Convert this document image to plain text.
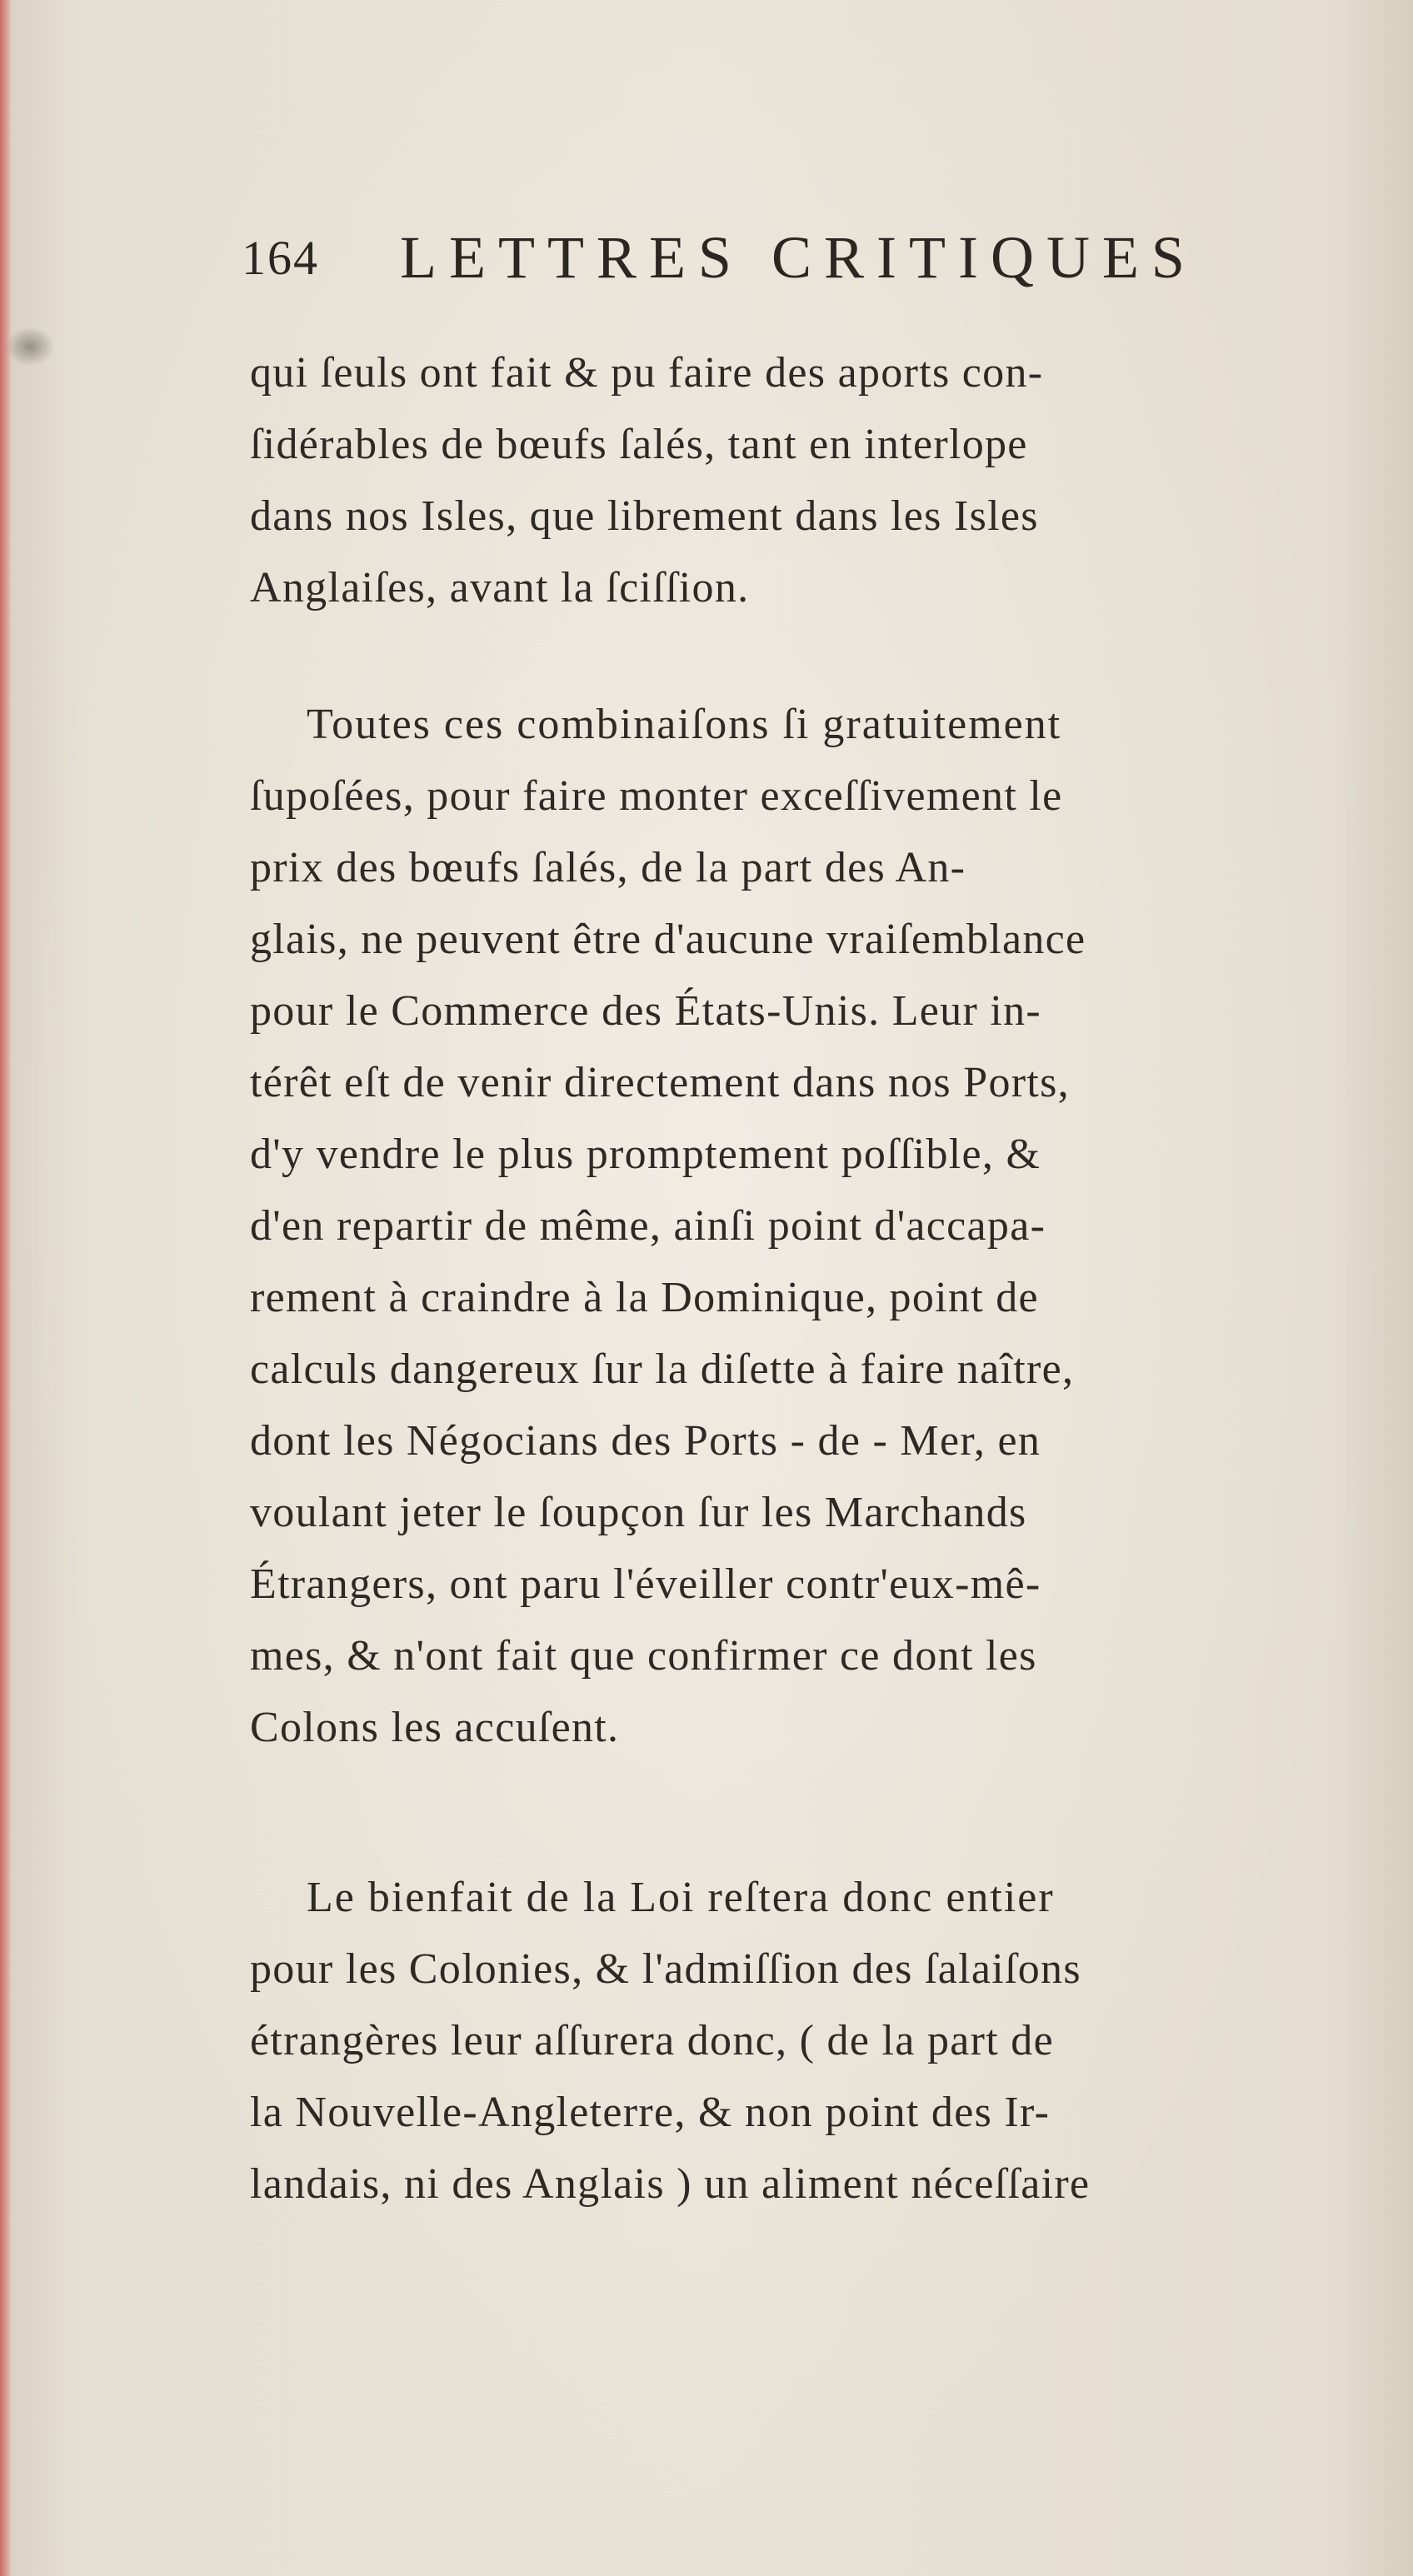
164 LETTRES CRITIQUES
qui ſeuls ont fait & pu faire des aports con-
ſidérables de bœufs ſalés, tant en interlope
dans nos Isles, que librement dans les Isles
Anglaiſes, avant la ſciſſion.
Toutes ces combinaiſons ſi gratuitement
ſupoſées, pour faire monter exceſſivement le
prix des bœufs ſalés, de la part des An-
glais, ne peuvent être d'aucune vraiſemblance
pour le Commerce des États-Unis. Leur in-
térêt eſt de venir directement dans nos Ports,
d'y vendre le plus promptement poſſible, &
d'en repartir de même, ainſi point d'accapa-
rement à craindre à la Dominique, point de
calculs dangereux ſur la diſette à faire naître,
dont les Négocians des Ports - de - Mer, en
voulant jeter le ſoupçon ſur les Marchands
Étrangers, ont paru l'éveiller contr'eux-mê-
mes, & n'ont fait que confirmer ce dont les
Colons les accuſent.
Le bienfait de la Loi reſtera donc entier
pour les Colonies, & l'admiſſion des ſalaiſons
étrangères leur aſſurera donc, ( de la part de
la Nouvelle-Angleterre, & non point des Ir-
landais, ni des Anglais ) un aliment néceſſaire
